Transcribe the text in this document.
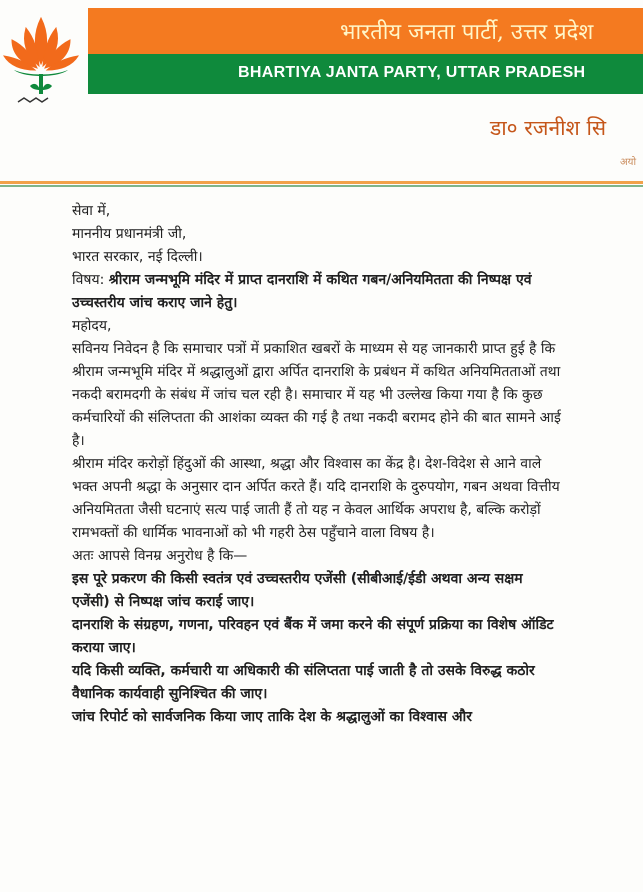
भारतीय जनता पार्टी, उत्तर प्रदेश
BHARTIYA JANTA PARTY, UTTAR PRADESH
डा० रजनीश सि
अयो

सेवा में,

माननीय प्रधानमंत्री जी,

भारत सरकार, नई दिल्ली।

विषय: श्रीराम जन्मभूमि मंदिर में प्राप्त दानराशि में कथित गबन/अनियमितता की निष्पक्ष एवं उच्चस्तरीय जांच कराए जाने हेतु।

महोदय,

सविनय निवेदन है कि समाचार पत्रों में प्रकाशित खबरों के माध्यम से यह जानकारी प्राप्त हुई है कि श्रीराम जन्मभूमि मंदिर में श्रद्धालुओं द्वारा अर्पित दानराशि के प्रबंधन में कथित अनियमितताओं तथा नकदी बरामदगी के संबंध में जांच चल रही है। समाचार में यह भी उल्लेख किया गया है कि कुछ कर्मचारियों की संलिप्तता की आशंका व्यक्त की गई है तथा नकदी बरामद होने की बात सामने आई है।

श्रीराम मंदिर करोड़ों हिंदुओं की आस्था, श्रद्धा और विश्वास का केंद्र है। देश-विदेश से आने वाले भक्त अपनी श्रद्धा के अनुसार दान अर्पित करते हैं। यदि दानराशि के दुरुपयोग, गबन अथवा वित्तीय अनियमितता जैसी घटनाएं सत्य पाई जाती हैं तो यह न केवल आर्थिक अपराध है, बल्कि करोड़ों रामभक्तों की धार्मिक भावनाओं को भी गहरी ठेस पहुँचाने वाला विषय है।

अतः आपसे विनम्र अनुरोध है कि—

इस पूरे प्रकरण की किसी स्वतंत्र एवं उच्चस्तरीय एजेंसी (सीबीआई/ईडी अथवा अन्य सक्षम एजेंसी) से निष्पक्ष जांच कराई जाए।

दानराशि के संग्रहण, गणना, परिवहन एवं बैंक में जमा करने की संपूर्ण प्रक्रिया का विशेष ऑडिट कराया जाए।

यदि किसी व्यक्ति, कर्मचारी या अधिकारी की संलिप्तता पाई जाती है तो उसके विरुद्ध कठोर वैधानिक कार्यवाही सुनिश्चित की जाए।

जांच रिपोर्ट को सार्वजनिक किया जाए ताकि देश के श्रद्धालुओं का विश्वास और
